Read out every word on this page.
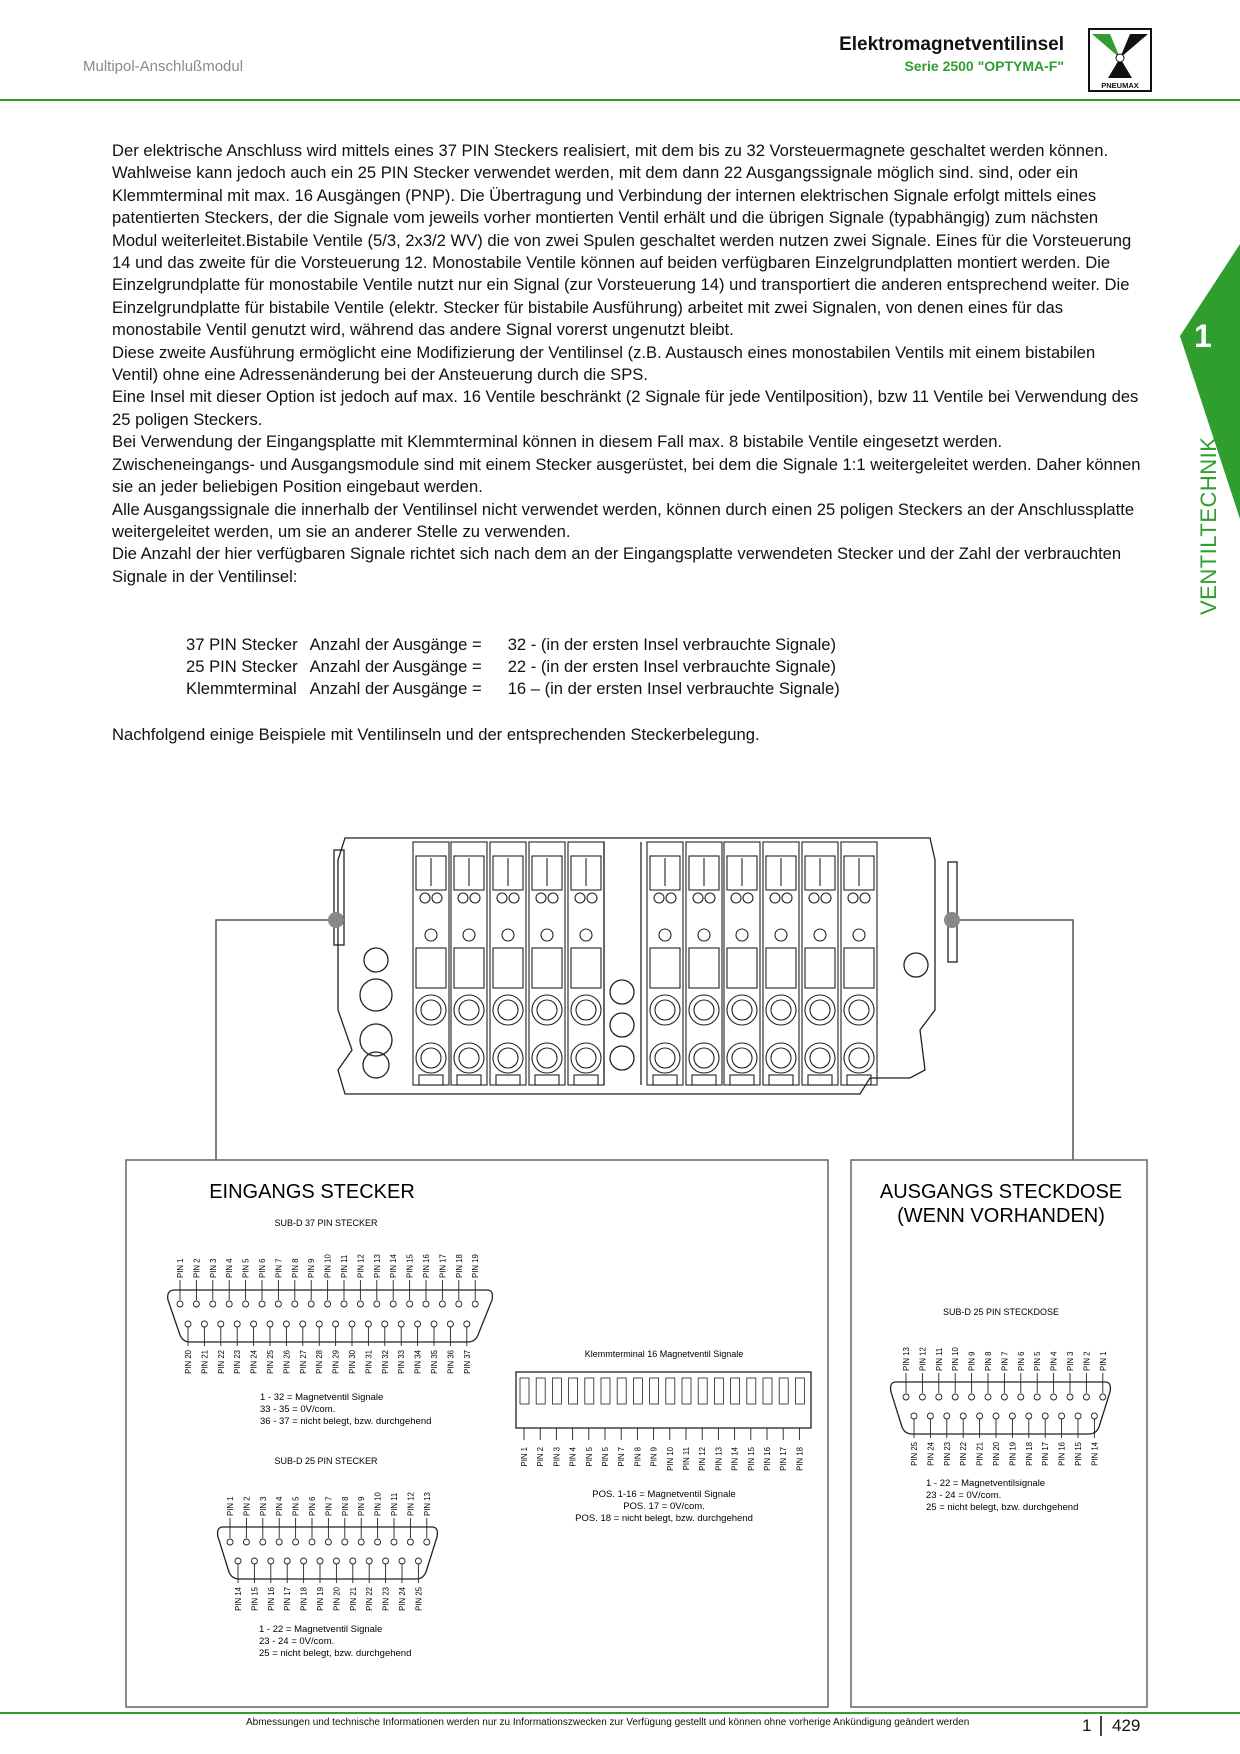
Multipol-Anschlußmodul
Elektromagnetventilinsel
Serie 2500 "OPTYMA-F"
PNEUMAX
1
VENTILTECHNIK

Der elektrische Anschluss wird mittels eines 37 PIN Steckers realisiert, mit dem bis zu 32 Vorsteuermagnete geschaltet werden können. Wahlweise kann jedoch auch ein 25 PIN Stecker verwendet werden, mit dem dann 22 Ausgangssignale möglich sind. sind, oder ein Klemmterminal mit max. 16 Ausgängen (PNP). Die Übertragung und Verbindung der internen elektrischen Signale erfolgt mittels eines patentierten Steckers, der die Signale vom jeweils vorher montierten Ventil erhält und die übrigen Signale (typabhängig) zum nächsten Modul weiterleitet.Bistabile Ventile (5/3, 2x3/2 WV) die von zwei Spulen geschaltet werden nutzen zwei Signale. Eines für die Vorsteuerung 14 und das zweite für die Vorsteuerung 12. Monostabile Ventile können auf beiden verfügbaren Einzelgrundplatten montiert werden. Die Einzelgrundplatte für monostabile Ventile nutzt nur ein Signal (zur Vorsteuerung 14) und transportiert die anderen entsprechend weiter. Die Einzelgrundplatte für bistabile Ventile (elektr. Stecker für bistabile Ausführung) arbeitet mit zwei Signalen, von denen eines für das monostabile Ventil genutzt wird, während das andere Signal vorerst ungenutzt bleibt.

Diese zweite Ausführung ermöglicht eine Modifizierung der Ventilinsel (z.B. Austausch eines monostabilen Ventils mit einem bistabilen Ventil) ohne eine Adressenänderung bei der Ansteuerung durch die SPS.

Eine Insel mit dieser Option ist jedoch auf max. 16 Ventile beschränkt (2 Signale für jede Ventilposition), bzw 11 Ventile bei Verwendung des 25 poligen Steckers.

Bei Verwendung der Eingangsplatte mit Klemmterminal können in diesem Fall max. 8 bistabile Ventile eingesetzt werden.

Zwischeneingangs- und Ausgangsmodule sind mit einem Stecker ausgerüstet, bei dem die Signale 1:1 weitergeleitet werden. Daher können sie an jeder beliebigen Position eingebaut werden.

Alle Ausgangssignale die innerhalb der Ventilinsel nicht verwendet werden, können durch einen 25 poligen Steckers an der Anschlussplatte weitergeleitet werden, um sie an anderer Stelle zu verwenden.

Die Anzahl der hier verfügbaren Signale richtet sich nach dem an der Eingangsplatte verwendeten Stecker und der Zahl der verbrauchten Signale in der Ventilinsel:

37 PIN Stecker	Anzahl der Ausgänge =	32 - (in der ersten Insel verbrauchte Signale)
25 PIN Stecker	Anzahl der Ausgänge =	22 - (in der ersten Insel verbrauchte Signale)
Klemmterminal	Anzahl der Ausgänge =	16 – (in der ersten Insel verbrauchte Signale)
Nachfolgend einige Beispiele mit Ventilinseln und der entsprechenden Steckerbelegung.
EINGANGS STECKER	AUSGANGS STECKDOSE
(WENN VORHANDEN)
SUB-D 37 PIN STECKER
SUB-D 25 PIN STECKER
Klemmterminal 16 Magnetventil Signale
SUB-D 25 PIN STECKDOSE
PIN 1 PIN 2 PIN 3 PIN 4 PIN 5 PIN 6 PIN 7 PIN 8 PIN 9 PIN 10 PIN 11 PIN 12 PIN 13 PIN 14 PIN 15 PIN 16 PIN 17 PIN 18 PIN 19
PIN 20 PIN 21 PIN 22 PIN 23 PIN 24 PIN 25 PIN 26 PIN 27 PIN 28 PIN 29 PIN 30 PIN 31 PIN 32 PIN 33 PIN 34 PIN 35 PIN 36 PIN 37
PIN 1 PIN 2 PIN 3 PIN 4 PIN 5 PIN 6 PIN 7 PIN 8 PIN 9 PIN 10 PIN 11 PIN 12 PIN 13
PIN 14 PIN 15 PIN 16 PIN 17 PIN 18 PIN 19 PIN 20 PIN 21 PIN 22 PIN 23 PIN 24 PIN 25
PIN 13 PIN 12 PIN 11 PIN 10 PIN 9 PIN 8 PIN 7 PIN 6 PIN 5 PIN 4 PIN 3 PIN 2 PIN 1
PIN 25 PIN 24 PIN 23 PIN 22 PIN 21 PIN 20 PIN 19 PIN 18 PIN 17 PIN 16 PIN 15 PIN 14
PIN 1 PIN 2 PIN 3 PIN 4 PIN 5 PIN 5 PIN 7 PIN 8 PIN 9 PIN 10 PIN 11 PIN 12 PIN 13 PIN 14 PIN 15 PIN 16 PIN 17 PIN 18
1 - 32 = Magnetventil Signale
33 - 35 = 0V/com.
36 - 37 = nicht belegt, bzw. durchgehend
1 - 22 = Magnetventil Signale
23 - 24 = 0V/com.
25 = nicht belegt, bzw. durchgehend
POS. 1-16 = Magnetventil Signale
POS. 17 = 0V/com.
POS. 18 = nicht belegt, bzw. durchgehend
1 - 22 = Magnetventilsignale
23 - 24 = 0V/com.
25 = nicht belegt, bzw. durchgehend
Abmessungen und technische Informationen werden nur zu Informationszwecken zur Verfügung gestellt und können ohne vorherige Ankündigung geändert werden	1 429
